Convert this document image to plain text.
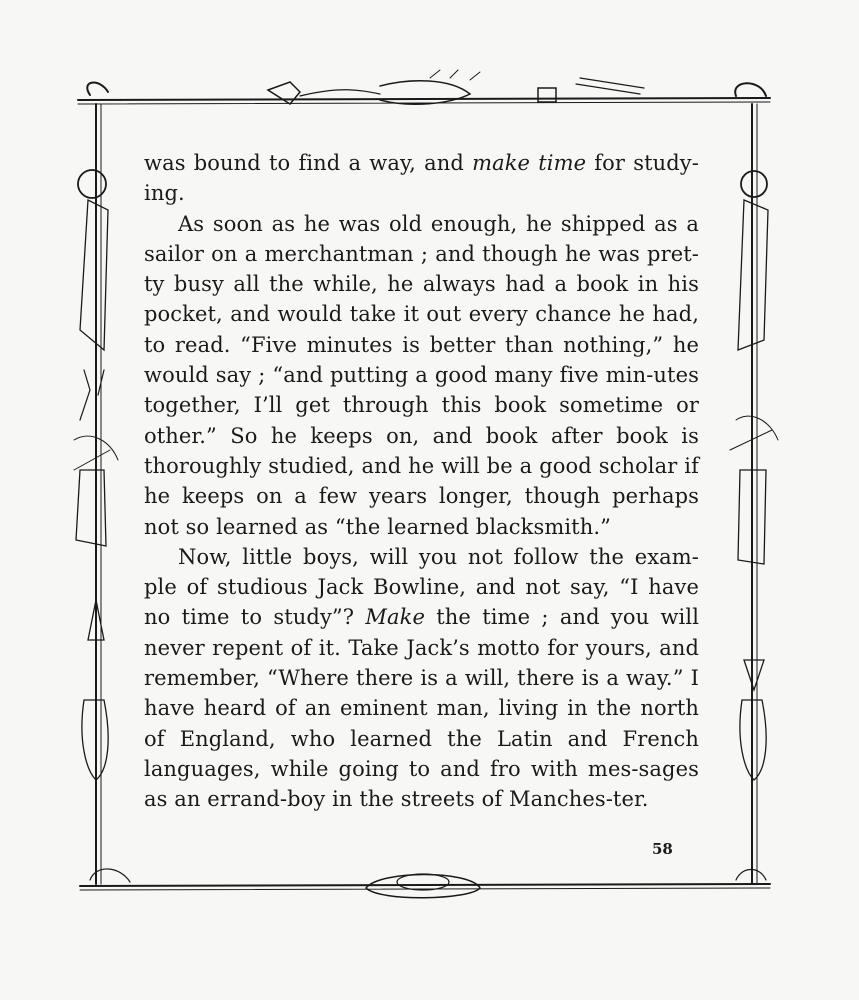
was bound to find a way, and make time for study-ing.

As soon as he was old enough, he shipped as a sailor on a merchantman ; and though he was pret-ty busy all the while, he always had a book in his pocket, and would take it out every chance he had, to read. “Five minutes is better than nothing,” he would say ; “and putting a good many five min-utes together, I’ll get through this book sometime or other.” So he keeps on, and book after book is thoroughly studied, and he will be a good scholar if he keeps on a few years longer, though perhaps not so learned as “the learned blacksmith.”

Now, little boys, will you not follow the exam-ple of studious Jack Bowline, and not say, “I have no time to study”? Make the time ; and you will never repent of it. Take Jack’s motto for yours, and remember, “Where there is a will, there is a way.” I have heard of an eminent man, living in the north of England, who learned the Latin and French languages, while going to and fro with mes-sages as an errand-boy in the streets of Manches-ter.

58
